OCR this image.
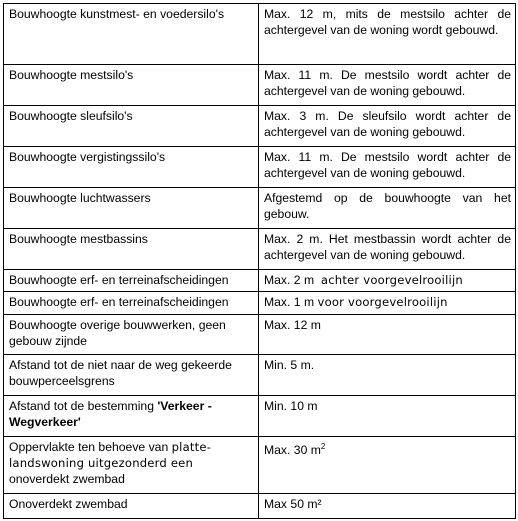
Bouwhoogte kunstmest- en voedersilo's	Max. 12 m, mits de mestsilo achter de achtergevel van de woning wordt gebouwd.
Bouwhoogte mestsilo's	Max. 11 m. De mestsilo wordt achter de achtergevel van de woning gebouwd.
Bouwhoogte sleufsilo's	Max. 3 m. De sleufsilo wordt achter de achtergevel van de woning gebouwd.
Bouwhoogte vergistingssilo's	Max. 11 m. De mestsilo wordt achter de achtergevel van de woning gebouwd.
Bouwhoogte luchtwassers	Afgestemd op de bouwhoogte van het gebouw.
Bouwhoogte mestbassins	Max. 2 m. Het mestbassin wordt achter de achtergevel van de woning gebouwd.
Bouwhoogte erf- en terreinafscheidingen	Max. 2 m achter voorgevelrooilijn
Bouwhoogte erf- en terreinafscheidingen	Max. 1 m voor voorgevelrooilijn
Bouwhoogte overige bouwwerken, geen gebouw zijnde	Max. 12 m
Afstand tot de niet naar de weg gekeerde bouwperceelsgrens	Min. 5 m.
Afstand tot de bestemming 'Verkeer - Wegverkeer'	Min. 10 m
Oppervlakte ten behoeve van platte-landswoning uitgezonderd een onoverdekt zwembad	Max. 30 $m^2$
Onoverdekt zwembad	Max 50 m²
